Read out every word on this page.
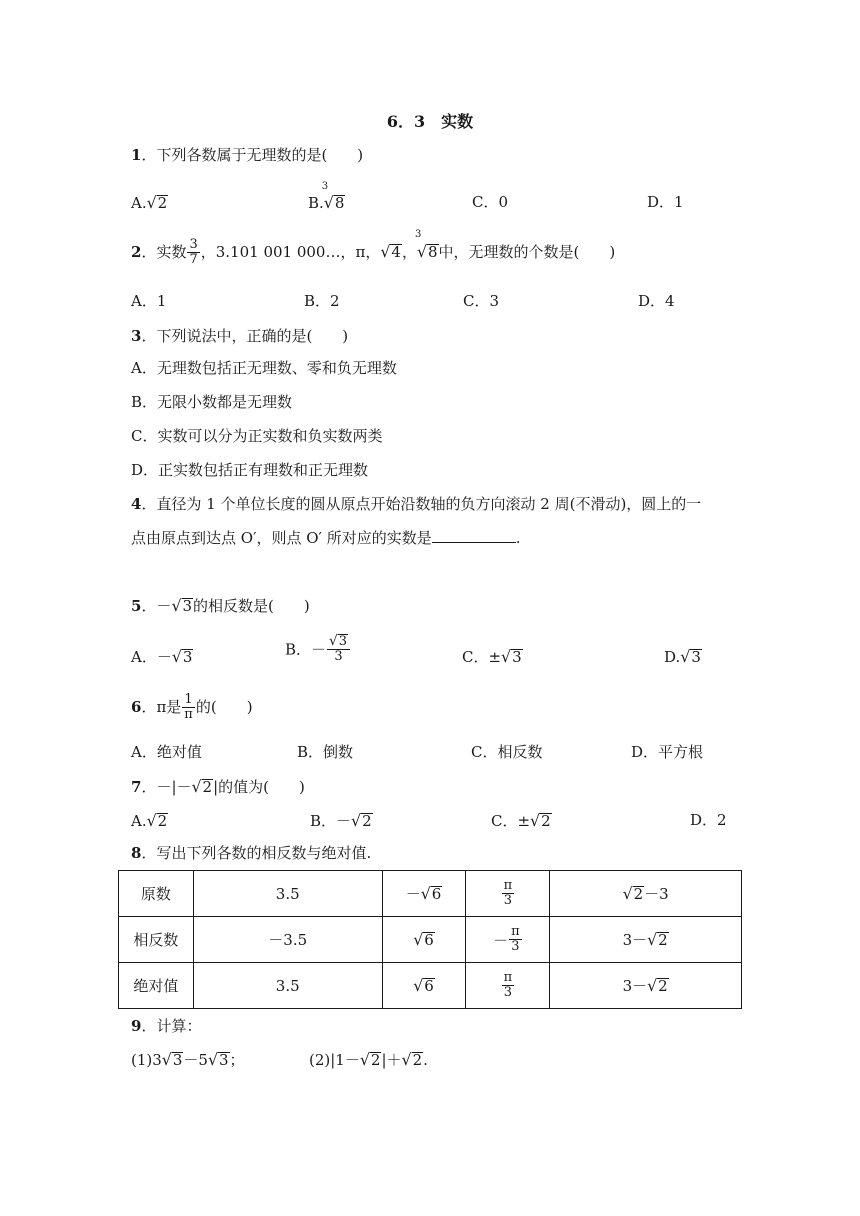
6．3　实数
1．下列各数属于无理数的是(　　)
A.√2	B.
3
√8	C．0	D．1
2．实数 $\frac{3}{7}$ ，3.101 001 000…，π，√4，
3
√8中，无理数的个数是(　　)
A．1	B．2	C．3	D．4
3．下列说法中，正确的是(　　)
A．无理数包括正无理数、零和负无理数
B．无限小数都是无理数
C．实数可以分为正实数和负实数两类
D．正实数包括正有理数和正无理数
4．直径为 1 个单位长度的圆从原点开始沿数轴的负方向滚动 2 周(不滑动)，圆上的一
点由原点到达点 O′，则点 O′ 所对应的实数是	.
5．－√3的相反数是(　　)
A．－√3	B．－ $\frac{√3}{3}$	C．±√3	D.√3
6．π是 $\frac{1}{\pi}$ 的(　　)
A．绝对值	B．倒数	C．相反数	D．平方根
7．－|－√2|的值为(　　)
A.√2	B．－√2	C．±√2	D．2
8．写出下列各数的相反数与绝对值.
原数	3.5	－√6	$\frac{\pi}{3}$	√2－3
相反数	－3.5	√6	－ $\frac{\pi}{3}$	3－√2
绝对值	3.5	√6	$\frac{\pi}{3}$	3－√2
9．计算：
(1)3√3－5√3；	(2)|1－√2|＋√2.
